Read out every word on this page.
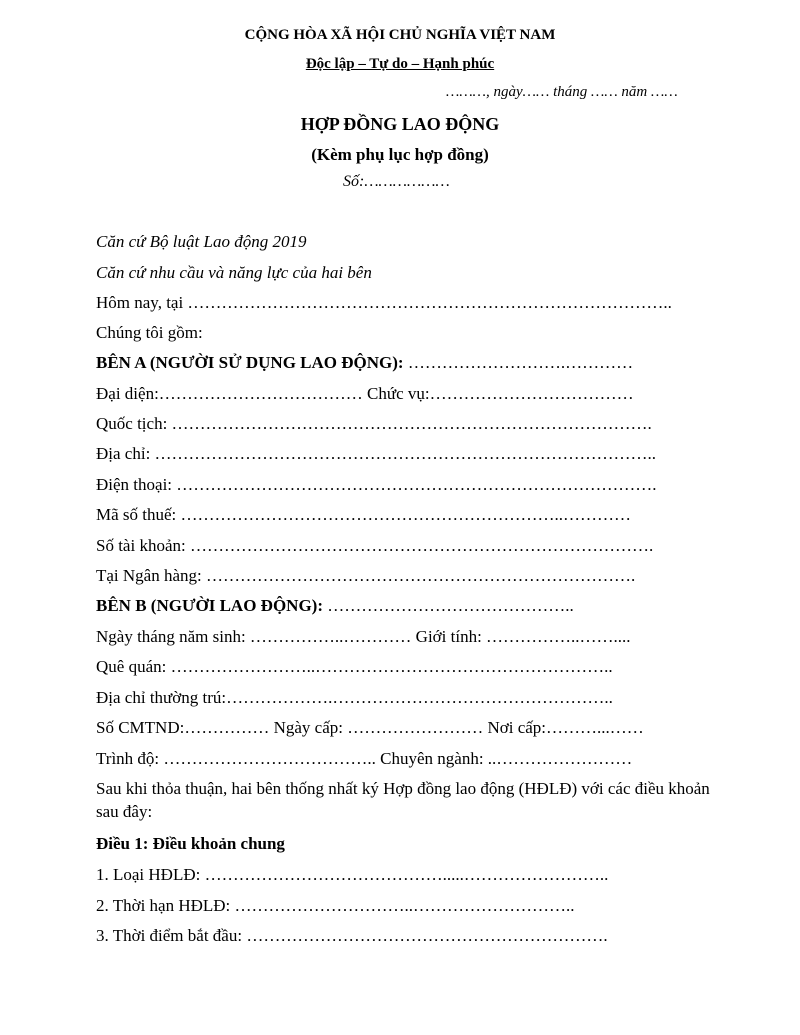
CỘNG HÒA XÃ HỘI CHỦ NGHĨA VIỆT NAM
Độc lập – Tự do – Hạnh phúc
………, ngày…… tháng …… năm ……
HỢP ĐỒNG LAO ĐỘNG
(Kèm phụ lục hợp đồng)
Số:………………
Căn cứ Bộ luật Lao động 2019
Căn cứ nhu cầu và năng lực của hai bên
Hôm nay, tại …………………………………………………………………………..
Chúng tôi gồm:
BÊN A (NGƯỜI SỬ DỤNG LAO ĐỘNG): ……………………….…………
Đại diện:……………………………… Chức vụ:………………………………
Quốc tịch: ………………………………………………………………………….
Địa chỉ: ……………………………………………………………………………..
Điện thoại: ………………………………………………………………………….
Mã số thuế: …………………………………………………………..…………
Số tài khoản: ……………………………………………………………………….
Tại Ngân hàng: ………………………………………………………………….
BÊN B (NGƯỜI LAO ĐỘNG): ……………………………………..
Ngày tháng năm sinh: ……………..………… Giới tính: ……………..……....
Quê quán: ……………………..……………………………………………..
Địa chỉ thường trú:……………….…………………………………………..
Số CMTND:…………… Ngày cấp: …………………… Nơi cấp:………...……
Trình độ: ……………………………….. Chuyên ngành: ..……………………
Sau khi thỏa thuận, hai bên thống nhất ký Hợp đồng lao động (HĐLĐ) với các điều khoản sau đây:
Điều 1: Điều khoản chung
1. Loại HĐLĐ: …………………………………….....……………………..
2. Thời hạn HĐLĐ: …………………………..………………………..
3. Thời điểm bắt đầu: ……………………………………………………….
